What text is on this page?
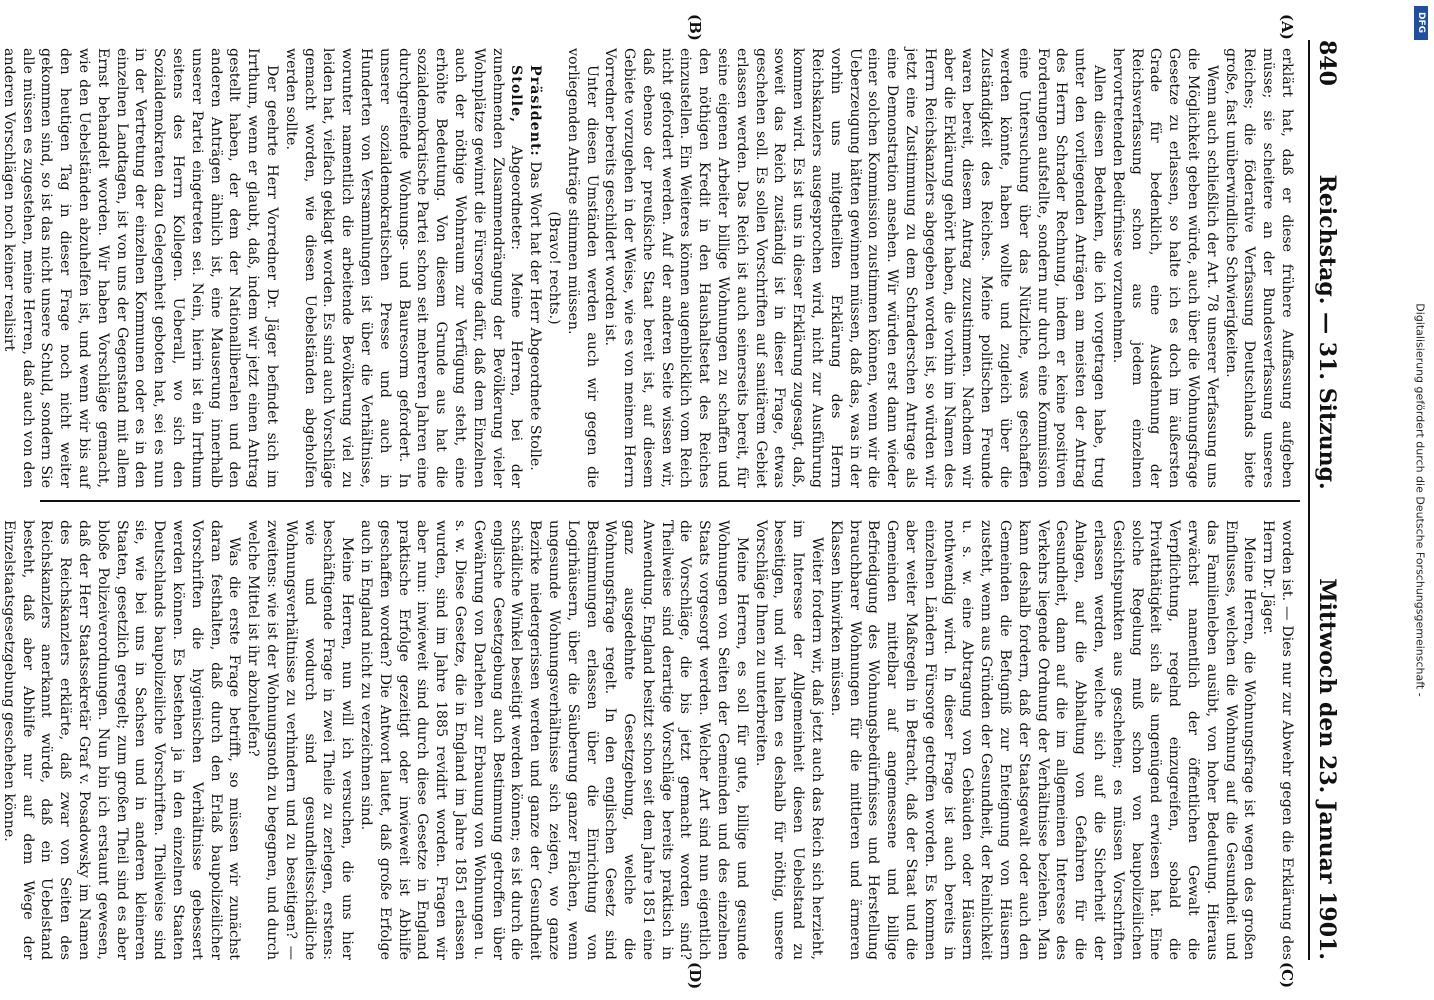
840
Reichstag. — 31. Sitzung.
Mittwoch den 23. Januar 1901.
(A)
(B)
(C)
(D)

erklärt hat, daß er diese frühere Auffassung aufgeben müsse; sie scheitere an der Bundesverfassung unseres Reiches; die föderative Verfassung Deutschlands biete große, fast unüberwindliche Schwierigkeiten.

Wenn auch schließlich der Art. 78 unserer Verfassung uns die Möglichkeit geben würde, auch über die Wohnungsfrage Gesetze zu erlassen, so halte ich es doch im äußersten Grade für bedenklich, eine Ausdehnung der Reichsverfassung schon aus jedem einzelnen hervortretenden Bedürfnisse vorzunehmen.

Allen diesen Bedenken, die ich vorgetragen habe, trug unter den vorliegenden Anträgen am meisten der Antrag des Herrn Schrader Rechnung, indem er keine positiven Forderungen aufstellte, sondern nur durch eine Kommission eine Untersuchung über das Nützliche, was geschaffen werden könnte, haben wollte und zugleich über die Zuständigkeit des Reiches. Meine politischen Freunde waren bereit, diesem Antrag zuzustimmen. Nachdem wir aber die Erklärung gehört haben, die vorhin im Namen des Herrn Reichskanzlers abgegeben worden ist, so würden wir jetzt eine Zustimmung zu dem Schraderschen Antrage als eine Demonstration ansehen. Wir würden erst dann wieder einer solchen Kommission zustimmen können, wenn wir die Ueberzeugung hätten gewinnen müssen, daß das, was in der vorhin uns mitgetheilten Erklärung des Herrn Reichskanzlers ausgesprochen wird, nicht zur Ausführung kommen wird. Es ist uns in dieser Erklärung zugesagt, daß, soweit das Reich zuständig ist in dieser Frage, etwas geschehen soll. Es sollen Vorschriften auf sanitärem Gebiet erlassen werden. Das Reich ist auch seinerseits bereit, für seine eigenen Arbeiter billige Wohnungen zu schaffen und den nöthigen Kredit in den Haushaltsetat des Reiches einzustellen. Ein Weiteres können augenblicklich vom Reich nicht gefordert werden. Auf der anderen Seite wissen wir, daß ebenso der preußische Staat bereit ist, auf diesem Gebiete vorzugehen in der Weise, wie es von meinem Herrn Vorredner bereits geschildert worden ist.

Unter diesen Umständen werden auch wir gegen die vorliegenden Anträge stimmen müssen.

(Bravo! rechts.)

Präsident: Das Wort hat der Herr Abgeordnete Stolle.

Stolle, Abgeordneter: Meine Herren, bei der zunehmenden Zusammendrängung der Bevölkerung vieler Wohnplätze gewinnt die Fürsorge dafür, daß dem Einzelnen auch der nöthige Wohnraum zur Verfügung steht, eine erhöhte Bedeutung. Von diesem Grunde aus hat die sozialdemokratische Partei schon seit mehreren Jahren eine durchgreifende Wohnungs- und Bauresorm gefordert. In unserer sozialdemokratischen Presse und auch in Hunderten von Versammlungen ist über die Verhältnisse, worunter namentlich die arbeitende Bevölkerung viel zu leiden hat, vielfach geklagt worden. Es sind auch Vorschläge gemacht worden, wie diesen Uebelständen abgeholfen werden sollte.

Der geehrte Herr Vorredner Dr. Jäger befindet sich im Irrthum, wenn er glaubt, daß, indem wir jetzt einen Antrag gestellt haben, der dem der Nationalliberalen und den anderen Anträgen ähnlich ist, eine Mauserung innerhalb unserer Partei eingetreten sei. Nein, hierin ist ein Irrthum seitens des Herrn Kollegen. Ueberall, wo sich den Sozialdemokraten dazu Gelegenheit geboten hat, sei es nun in der Vertretung der einzelnen Kommunen oder es in den einzelnen Landtagen, ist von uns der Gegenstand mit allem Ernst behandelt worden. Wir haben Vorschläge gemacht, wie den Uebelständen abzuhelfen ist, und wenn wir bis auf den heutigen Tag in dieser Frage noch nicht weiter gekommen sind, so ist das nicht unsere Schuld, sondern Sie alle müssen es zugestehen, meine Herren, daß auch von den anderen Vorschlägen noch keiner realisirt

worden ist. — Dies nur zur Abwehr gegen die Erklärung des Herrn Dr. Jäger.

Meine Herren, die Wohnungsfrage ist wegen des großen Einflusses, welchen die Wohnung auf die Gesundheit und das Familienleben ausübt, von hoher Bedeutung. Hieraus erwächst namentlich der öffentlichen Gewalt die Verpflichtung, regelnd einzugreifen, sobald die Privatthätigkeit sich als ungenügend erwiesen hat. Eine solche Regelung muß schon von baupolizeilichen Gesichtspunkten aus geschehen; es müssen Vorschriften erlassen werden, welche sich auf die Sicherheit der Anlagen, auf die Abhaltung von Gefahren für die Gesundheit, dann auf die im allgemeinen Interesse des Verkehrs liegende Ordnung der Verhältnisse beziehen. Man kann deshalb fordern, daß der Staatsgewalt oder auch den Gemeinden die Befugniß zur Enteignung von Häusern zusteht, wenn aus Gründen der Gesundheit, der Reinlichkeit u. s. w. eine Abtragung von Gebäuden oder Häusern nothwendig wird. In dieser Frage ist auch bereits in einzelnen Ländern Fürsorge getroffen worden. Es kommen aber weiter Maßregeln in Betracht, daß der Staat und die Gemeinden mittelbar auf angemessene und billige Befriedigung des Wohnungsbedürfnisses und Herstellung brauchbarer Wohnungen für die mittleren und ärmeren Klassen hinwirken müssen.

Weiter fordern wir, daß jetzt auch das Reich sich herzieht, im Interesse der Allgemeinheit diesen Uebelstand zu beseitigen, und wir halten es deshalb für nöthig, unsere Vorschläge Ihnen zu unterbreiten.

Meine Herren, es soll für gute, billige und gesunde Wohnungen von Seiten der Gemeinden und des einzelnen Staats vorgesorgt werden. Welcher Art sind nun eigentlich die Vorschläge, die bis jetzt gemacht worden sind? Theilweise sind derartige Vorschläge bereits praktisch in Anwendung. England besitzt schon seit dem Jahre 1851 eine ganz ausgedehnte Gesetzgebung, welche die Wohnungsfrage regelt. In den englischen Gesetz sind Bestimmungen erlassen über die Einrichtung von Logirhäusern, über die Säuberung ganzer Flächen, wenn ungesunde Wohnungsverhältnisse sich zeigen, wo ganze Bezirke niedergerissen werden und ganze der Gesundheit schädliche Winkel beseitigt werden können; es ist durch die englische Gesetzgebung auch Bestimmung getroffen über Gewährung von Darlehen zur Erbauung von Wohnungen u. s. w. Diese Gesetze, die in England im Jahre 1851 erlassen wurden, sind im Jahre 1885 revidirt worden. Fragen wir aber nun: inwieweit sind durch diese Gesetze in England praktische Erfolge gezeitigt oder inwieweit ist Abhilfe geschaffen worden? Die Antwort lautet, daß große Erfolge auch in England nicht zu verzeichnen sind.

Meine Herren, nun will ich versuchen, die uns hier beschäftigende Frage in zwei Theile zu zerlegen, erstens: wie und wodurch sind gesundheitsschädliche Wohnungsverhältnisse zu verhindern und zu beseitigen? — zweitens: wie ist der Wohnungsnoth zu begegnen, und durch welche Mittel ist ihr abzuhelfen?

Was die erste Frage betrifft, so müssen wir zunächst daran festhalten, daß durch den Erlaß baupolizeilicher Vorschriften die hygienischen Verhältnisse gebessert werden können. Es bestehen ja in den einzelnen Staaten Deutschlands baupolizeiliche Vorschriften. Theilweise sind sie, wie bei uns in Sachsen und in anderen kleineren Staaten, gesetzlich geregelt; zum großen Theil sind es aber bloße Polizeiverordnungen. Nun bin ich erstaunt gewesen, daß der Herr Staatssekretär Graf v. Posadowsky im Namen des Reichskanzlers erklärte, daß zwar von Seiten des Reichskanzlers anerkannt würde, daß ein Uebelstand besteht, daß aber Abhilfe nur auf dem Wege der Einzelstaatsgesetzgebung geschehen könne.

DFG
Digitalisierung gefördert durch die Deutsche Forschungsgemeinschaft -
